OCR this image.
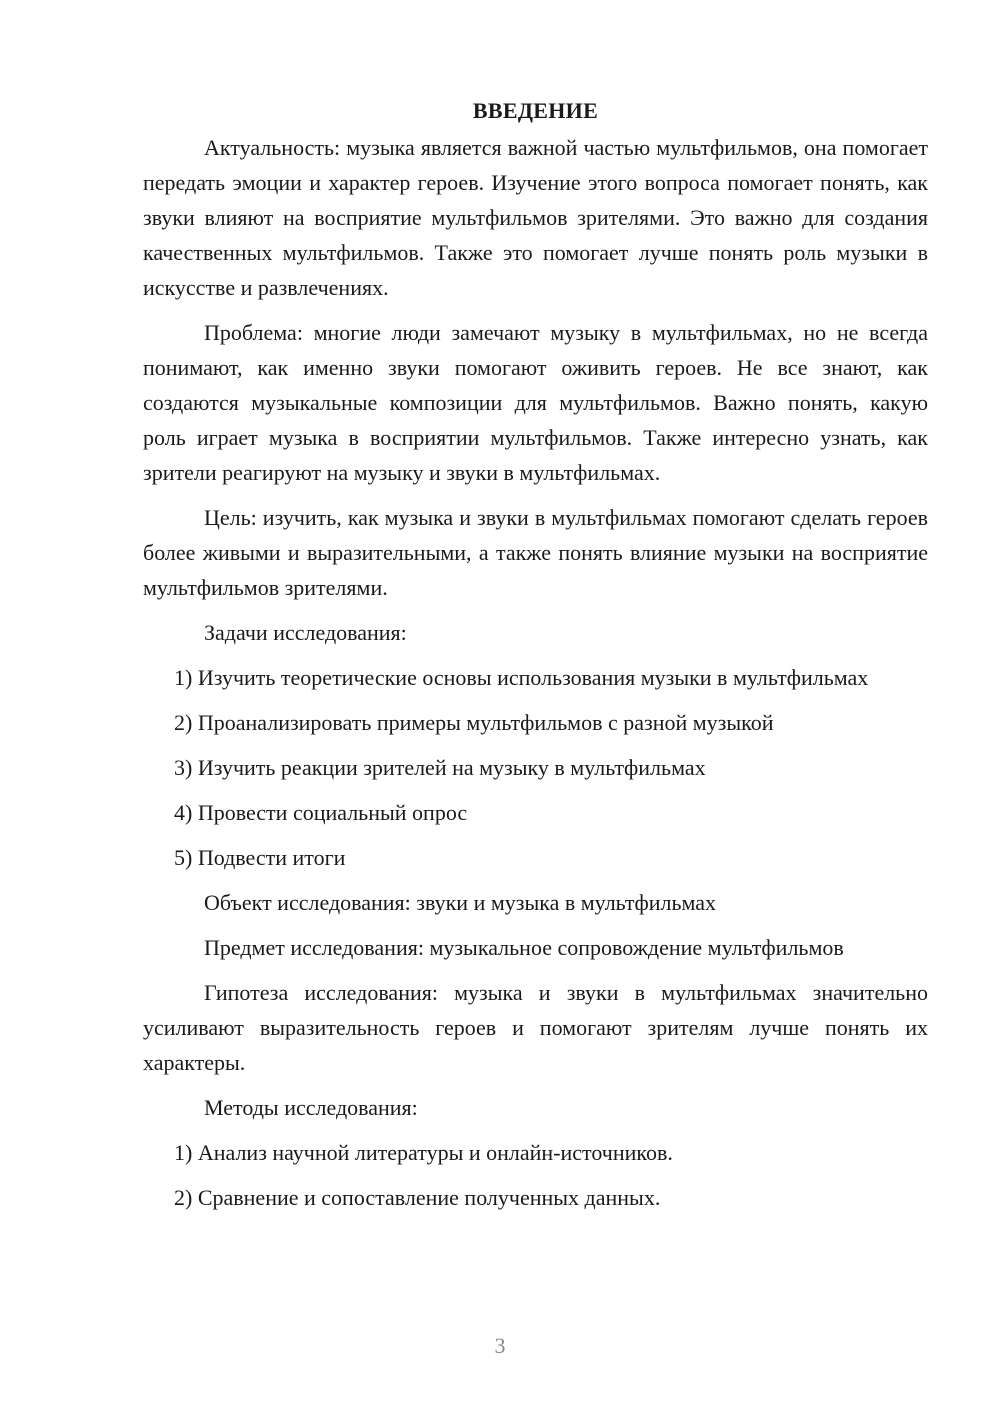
ВВЕДЕНИЕ
Актуальность: музыка является важной частью мультфильмов, она помогает передать эмоции и характер героев. Изучение этого вопроса помогает понять, как звуки влияют на восприятие мультфильмов зрителями. Это важно для создания качественных мультфильмов. Также это помогает лучше понять роль музыки в искусстве и развлечениях.
Проблема: многие люди замечают музыку в мультфильмах, но не всегда понимают, как именно звуки помогают оживить героев. Не все знают, как создаются музыкальные композиции для мультфильмов. Важно понять, какую роль играет музыка в восприятии мультфильмов. Также интересно узнать, как зрители реагируют на музыку и звуки в мультфильмах.
Цель: изучить, как музыка и звуки в мультфильмах помогают сделать героев более живыми и выразительными, а также понять влияние музыки на восприятие мультфильмов зрителями.
Задачи исследования:
1) Изучить теоретические основы использования музыки в мультфильмах
2) Проанализировать примеры мультфильмов с разной музыкой
3) Изучить реакции зрителей на музыку в мультфильмах
4) Провести социальный опрос
5) Подвести итоги
Объект исследования: звуки и музыка в мультфильмах
Предмет исследования: музыкальное сопровождение мультфильмов
Гипотеза исследования: музыка и звуки в мультфильмах значительно усиливают выразительность героев и помогают зрителям лучше понять их характеры.
Методы исследования:
1) Анализ научной литературы и онлайн-источников.
2) Сравнение и сопоставление полученных данных.
3
